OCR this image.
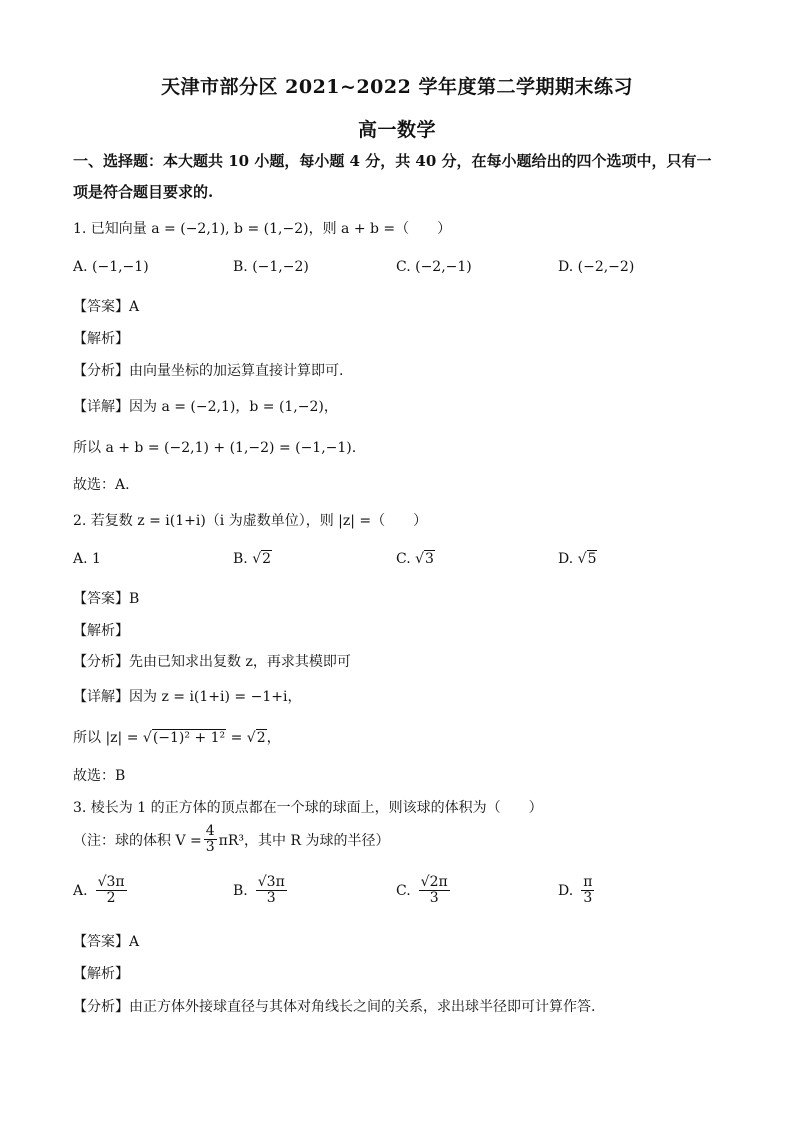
天津市部分区 2021~2022 学年度第二学期期末练习
高一数学
一、选择题：本大题共 10 小题，每小题 4 分，共 40 分，在每小题给出的四个选项中，只有一
项是符合题目要求的.
1. 已知向量 a = (−2,1), b = (1,−2)，则 a + b =（　　）
A. (−1,−1)	B. (−1,−2)	C. (−2,−1)	D. (−2,−2)
【答案】A
【解析】
【分析】由向量坐标的加运算直接计算即可.
【详解】因为 a = (−2,1)，b = (1,−2)，
所以 a + b = (−2,1) + (1,−2) = (−1,−1).
故选：A.
2. 若复数 z = i(1+i)（i 为虚数单位），则 |z| =（　　）
A. 1	B. √2	C. √3	D. √5
【答案】B
【解析】
【分析】先由已知求出复数 z，再求其模即可
【详解】因为 z = i(1+i) = −1+i，
所以 |z| = √(−1)² + 1² = √2，
故选：B
3. 棱长为 1 的正方体的顶点都在一个球的球面上，则该球的体积为（　　）
（注：球的体积 $V = \frac{4}{3} \pi R^3$，其中 R 为球的半径）
A. $\frac{√3\pi}{2}$	B. $\frac{√3\pi}{3}$	C. $\frac{√2\pi}{3}$	D. $\frac{\pi}{3}$
【答案】A
【解析】
【分析】由正方体外接球直径与其体对角线长之间的关系，求出球半径即可计算作答.
